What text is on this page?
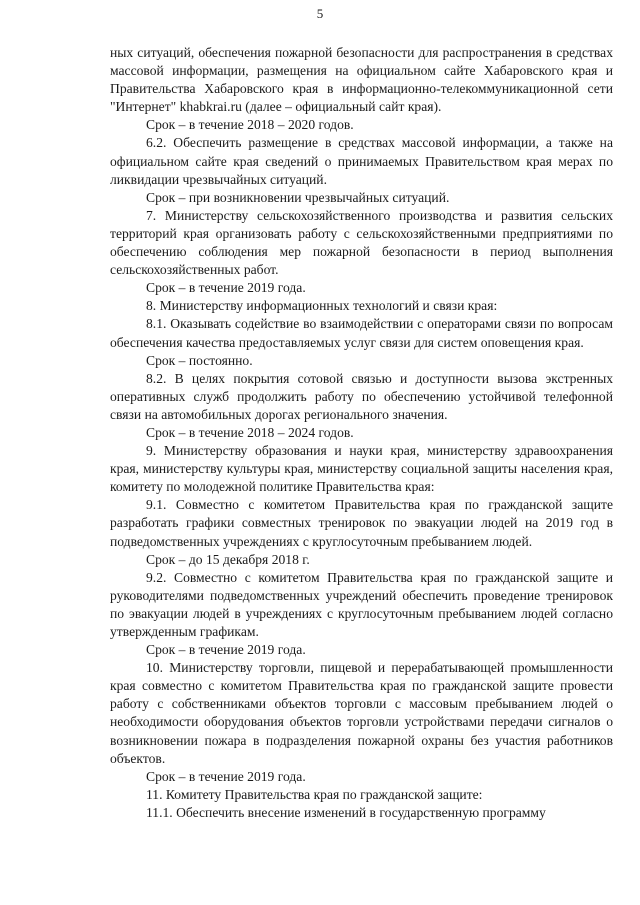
5

ных ситуаций, обеспечения пожарной безопасности для распространения в средствах массовой информации, размещения на официальном сайте Хабаровского края и Правительства Хабаровского края в информационно-телекоммуникационной сети "Интернет" khabkrai.ru (далее – официальный сайт края).

Срок – в течение 2018 – 2020 годов.

6.2. Обеспечить размещение в средствах массовой информации, а также на официальном сайте края сведений о принимаемых Правительством края мерах по ликвидации чрезвычайных ситуаций.

Срок – при возникновении чрезвычайных ситуаций.

7. Министерству сельскохозяйственного производства и развития сельских территорий края организовать работу с сельскохозяйственными предприятиями по обеспечению соблюдения мер пожарной безопасности в период выполнения сельскохозяйственных работ.

Срок – в течение 2019 года.

8. Министерству информационных технологий и связи края:

8.1. Оказывать содействие во взаимодействии с операторами связи по вопросам обеспечения качества предоставляемых услуг связи для систем оповещения края.

Срок – постоянно.

8.2. В целях покрытия сотовой связью и доступности вызова экстренных оперативных служб продолжить работу по обеспечению устойчивой телефонной связи на автомобильных дорогах регионального значения.

Срок – в течение 2018 – 2024 годов.

9. Министерству образования и науки края, министерству здравоохранения края, министерству культуры края, министерству социальной защиты населения края, комитету по молодежной политике Правительства края:

9.1. Совместно с комитетом Правительства края по гражданской защите разработать графики совместных тренировок по эвакуации людей на 2019 год в подведомственных учреждениях с круглосуточным пребыванием людей.

Срок – до 15 декабря 2018 г.

9.2. Совместно с комитетом Правительства края по гражданской защите и руководителями подведомственных учреждений обеспечить проведение тренировок по эвакуации людей в учреждениях с круглосуточным пребыванием людей согласно утвержденным графикам.

Срок – в течение 2019 года.

10. Министерству торговли, пищевой и перерабатывающей промышленности края совместно с комитетом Правительства края по гражданской защите провести работу с собственниками объектов торговли с массовым пребыванием людей о необходимости оборудования объектов торговли устройствами передачи сигналов о возникновении пожара в подразделения пожарной охраны без участия работников объектов.

Срок – в течение 2019 года.

11. Комитету Правительства края по гражданской защите:

11.1. Обеспечить внесение изменений в государственную программу
